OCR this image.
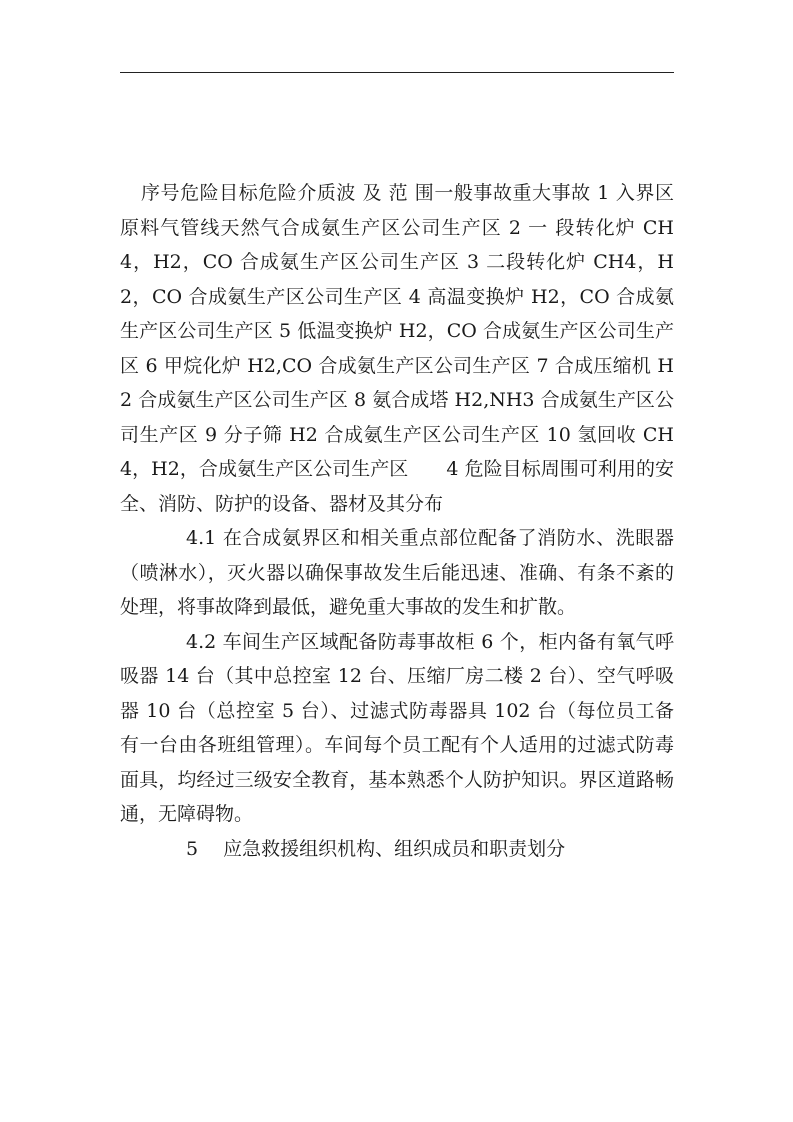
序号危险目标危险介质波 及 范 围一般事故重大事故 1 入界区原料气管线天然气合成氨生产区公司生产区 2 一 段转化炉 CH4，H2，CO 合成氨生产区公司生产区 3 二段转化炉 CH4，H2，CO 合成氨生产区公司生产区 4 高温变换炉 H2，CO 合成氨生产区公司生产区 5 低温变换炉 H2，CO 合成氨生产区公司生产区 6 甲烷化炉 H2,CO 合成氨生产区公司生产区 7 合成压缩机 H2 合成氨生产区公司生产区 8 氨合成塔 H2,NH3 合成氨生产区公司生产区 9 分子筛 H2 合成氨生产区公司生产区 10 氢回收 CH4，H2，合成氨生产区公司生产区　　4 危险目标周围可利用的安全、消防、防护的设备、器材及其分布

4.1 在合成氨界区和相关重点部位配备了消防水、洗眼器（喷淋水），灭火器以确保事故发生后能迅速、准确、有条不紊的处理，将事故降到最低，避免重大事故的发生和扩散。

4.2 车间生产区域配备防毒事故柜 6 个，柜内备有氧气呼吸器 14 台（其中总控室 12 台、压缩厂房二楼 2 台）、空气呼吸器 10 台（总控室 5 台）、过滤式防毒器具 102 台（每位员工备有一台由各班组管理）。车间每个员工配有个人适用的过滤式防毒面具，均经过三级安全教育，基本熟悉个人防护知识。界区道路畅通，无障碍物。

5　 应急救援组织机构、组织成员和职责划分
